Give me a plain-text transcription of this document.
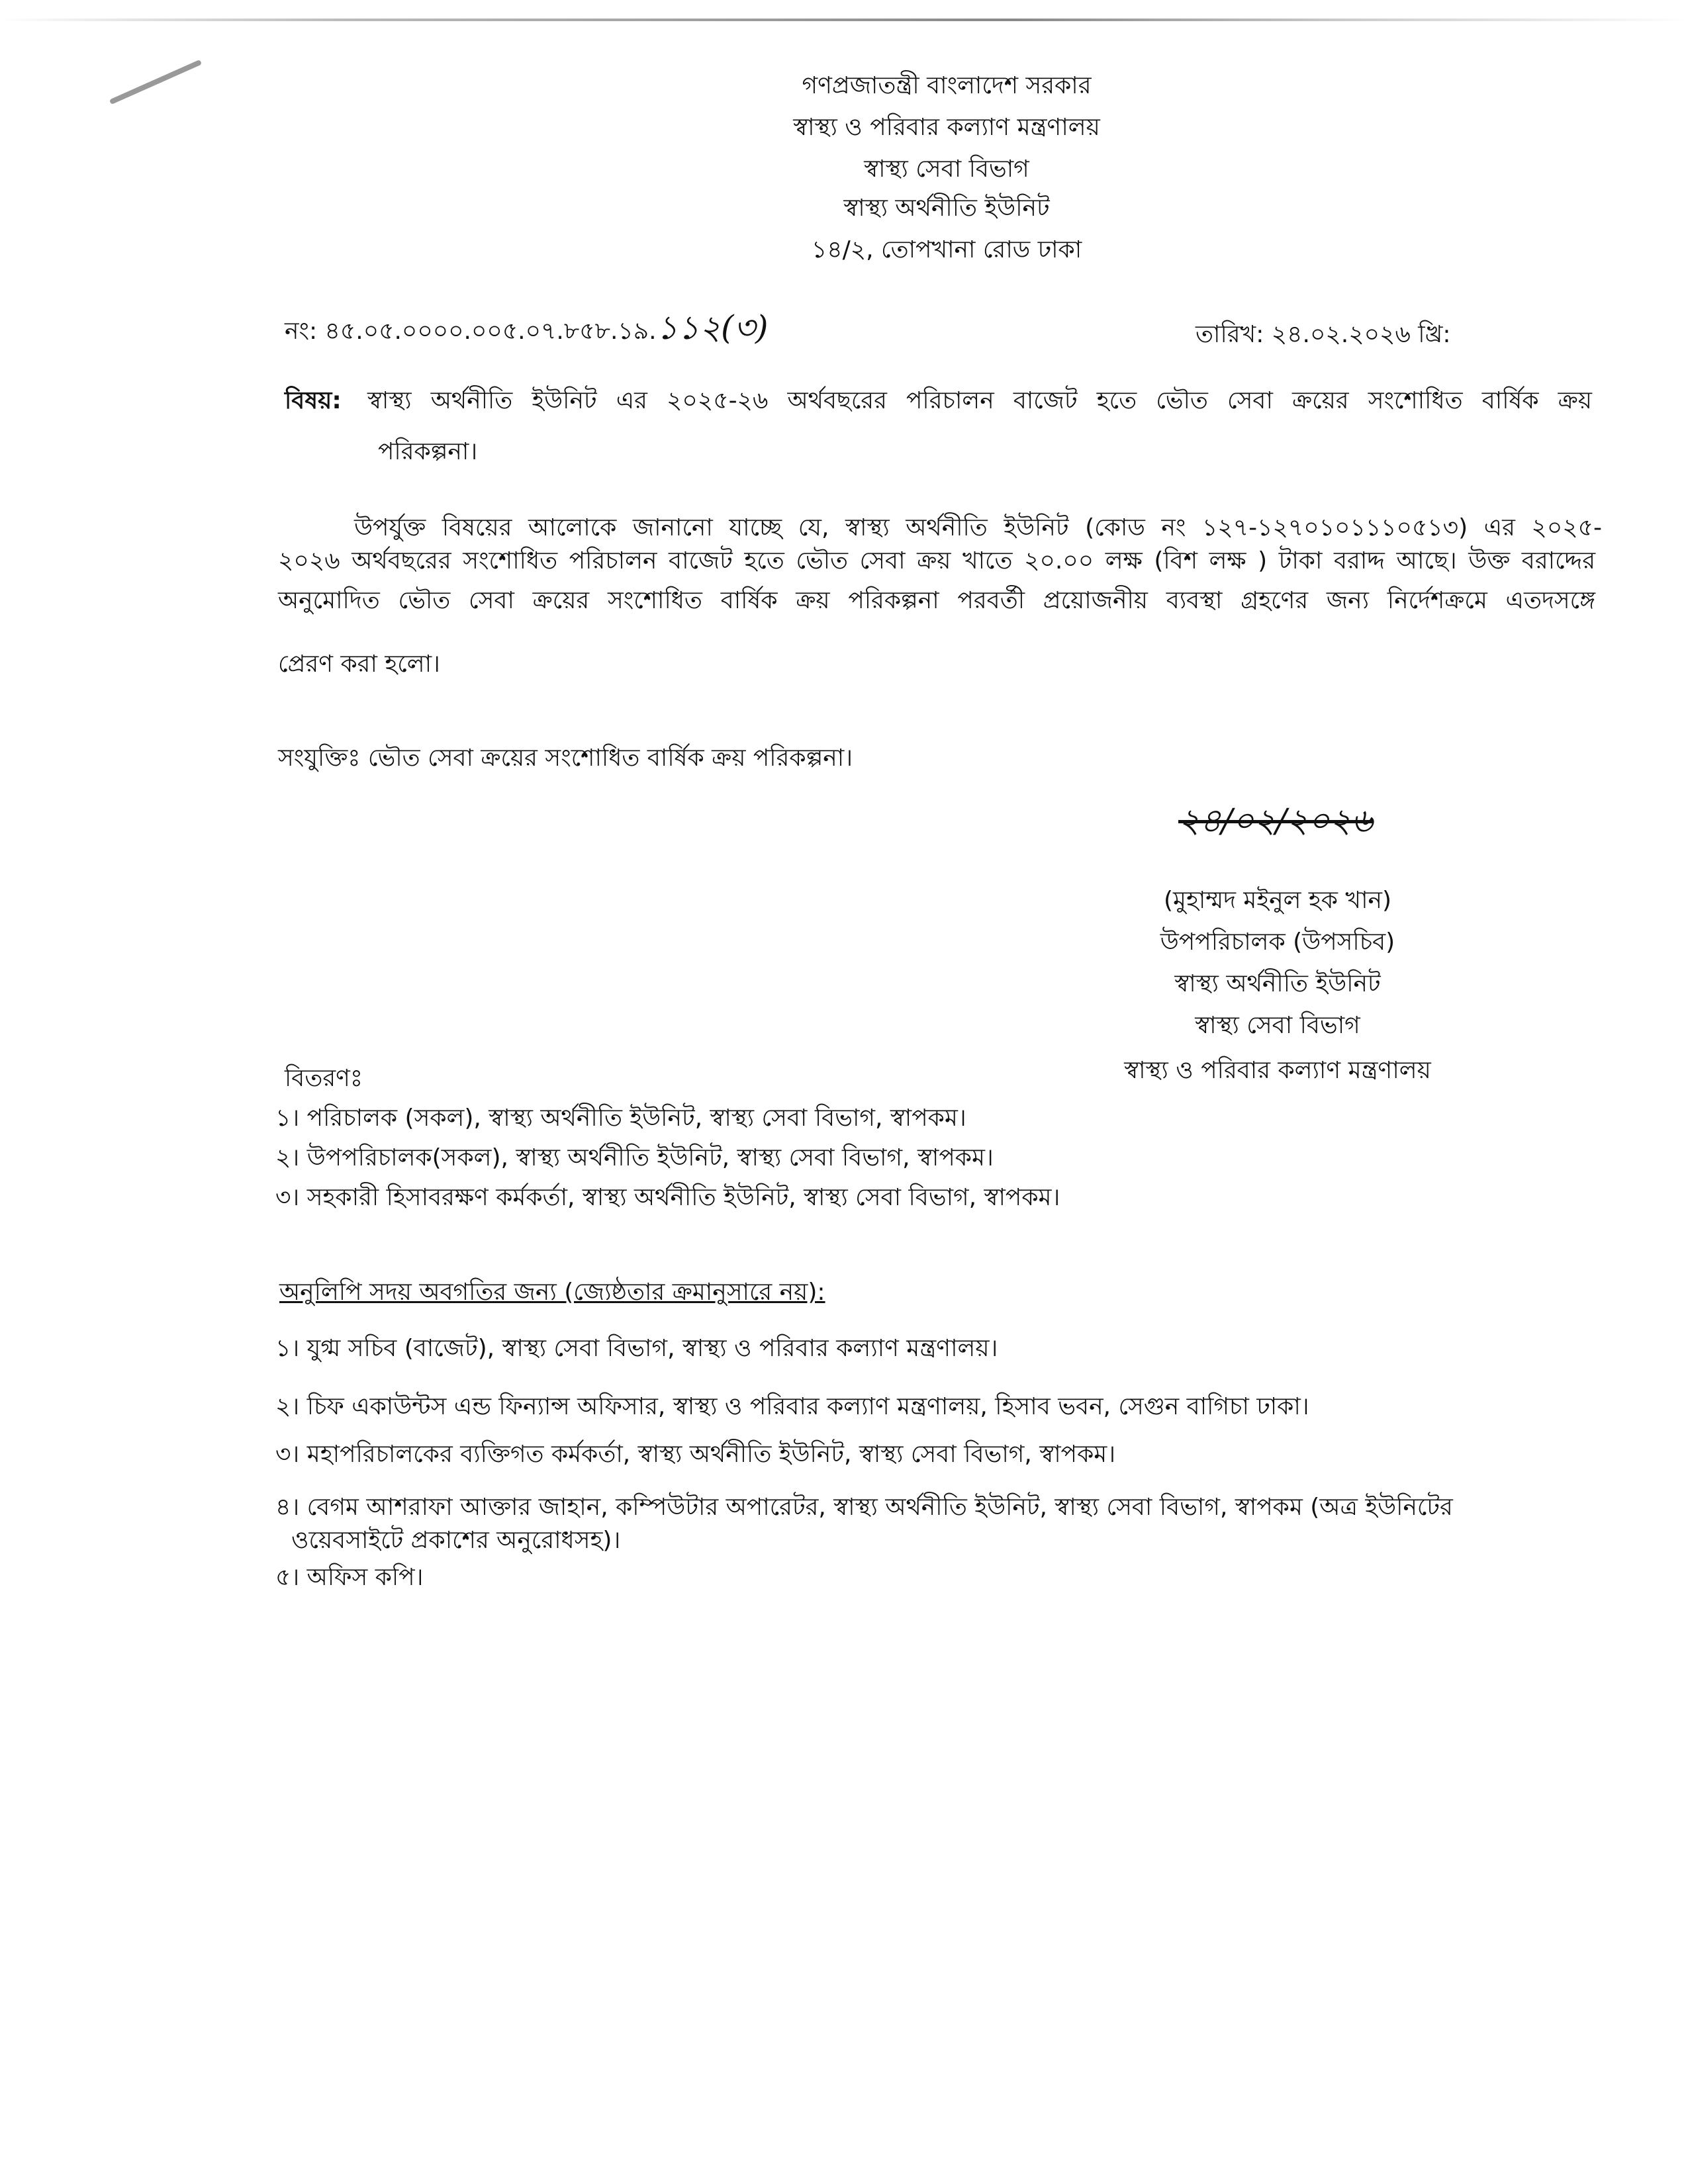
গণপ্রজাতন্ত্রী বাংলাদেশ সরকার
স্বাস্থ্য ও পরিবার কল্যাণ মন্ত্রণালয়
স্বাস্থ্য সেবা বিভাগ
স্বাস্থ্য অর্থনীতি ইউনিট
১৪/২, তোপখানা রোড ঢাকা
নং: ৪৫.০৫.০০০০.০০৫.০৭.৮৫৮.১৯.১১২(৩)	তারিখ: ২৪.০২.২০২৬ খ্রি:
বিষয়: স্বাস্থ্য অর্থনীতি ইউনিট এর ২০২৫-২৬ অর্থবছরের পরিচালন বাজেট হতে ভৌত সেবা ক্রয়ের সংশোধিত বার্ষিক ক্রয়
পরিকল্পনা।
উপর্যুক্ত বিষয়ের আলোকে জানানো যাচ্ছে যে, স্বাস্থ্য অর্থনীতি ইউনিট (কোড নং ১২৭-১২৭০১০১১১০৫১৩) এর ২০২৫-
২০২৬ অর্থবছরের সংশোধিত পরিচালন বাজেট হতে ভৌত সেবা ক্রয় খাতে ২০.০০ লক্ষ (বিশ লক্ষ ) টাকা বরাদ্দ আছে। উক্ত বরাদ্দের
অনুমোদিত ভৌত সেবা ক্রয়ের সংশোধিত বার্ষিক ক্রয় পরিকল্পনা পরবর্তী প্রয়োজনীয় ব্যবস্থা গ্রহণের জন্য নির্দেশক্রমে এতদসঙ্গে
প্রেরণ করা হলো।
সংযুক্তিঃ ভৌত সেবা ক্রয়ের সংশোধিত বার্ষিক ক্রয় পরিকল্পনা।
২৪/০২/২০২৬
(মুহাম্মদ মইনুল হক খান)
উপপরিচালক (উপসচিব)
স্বাস্থ্য অর্থনীতি ইউনিট
স্বাস্থ্য সেবা বিভাগ
স্বাস্থ্য ও পরিবার কল্যাণ মন্ত্রণালয়
বিতরণঃ
১। পরিচালক (সকল), স্বাস্থ্য অর্থনীতি ইউনিট, স্বাস্থ্য সেবা বিভাগ, স্বাপকম।
২। উপপরিচালক(সকল), স্বাস্থ্য অর্থনীতি ইউনিট, স্বাস্থ্য সেবা বিভাগ, স্বাপকম।
৩। সহকারী হিসাবরক্ষণ কর্মকর্তা, স্বাস্থ্য অর্থনীতি ইউনিট, স্বাস্থ্য সেবা বিভাগ, স্বাপকম।
অনুলিপি সদয় অবগতির জন্য (জ্যেষ্ঠতার ক্রমানুসারে নয়):
১। যুগ্ম সচিব (বাজেট), স্বাস্থ্য সেবা বিভাগ, স্বাস্থ্য ও পরিবার কল্যাণ মন্ত্রণালয়।
২। চিফ একাউন্টস এন্ড ফিন্যান্স অফিসার, স্বাস্থ্য ও পরিবার কল্যাণ মন্ত্রণালয়, হিসাব ভবন, সেগুন বাগিচা ঢাকা।
৩। মহাপরিচালকের ব্যক্তিগত কর্মকর্তা, স্বাস্থ্য অর্থনীতি ইউনিট, স্বাস্থ্য সেবা বিভাগ, স্বাপকম।
৪। বেগম আশরাফা আক্তার জাহান, কম্পিউটার অপারেটর, স্বাস্থ্য অর্থনীতি ইউনিট, স্বাস্থ্য সেবা বিভাগ, স্বাপকম (অত্র ইউনিটের
ওয়েবসাইটে প্রকাশের অনুরোধসহ)।
৫। অফিস কপি।
